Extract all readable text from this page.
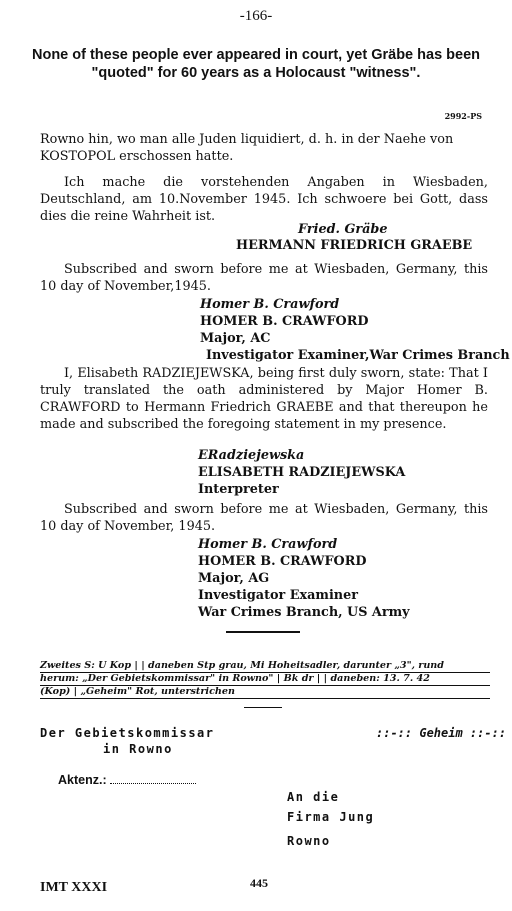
-166-
None of these people ever appeared in court, yet Gräbe has been
"quoted" for 60 years as a Holocaust "witness".
2992-PS
Rowno hin, wo man alle Juden liquidiert, d. h. in der Naehe von
KOSTOPOL erschossen hatte.
Ich mache die vorstehenden Angaben in Wiesbaden, Deutschland, am 10.November 1945. Ich schwoere bei Gott, dass dies die reine Wahrheit ist.
Fried. Gräbe
HERMANN FRIEDRICH GRAEBE
Subscribed and sworn before me at Wiesbaden, Germany, this 10 day of November,1945.
Homer B. Crawford
HOMER B. CRAWFORD
Major, AC
Investigator Examiner,War Crimes Branch
I, Elisabeth RADZIEJEWSKA, being first duly sworn, state: That I truly translated the oath administered by Major Homer B. CRAWFORD to Hermann Friedrich GRAEBE and that thereupon he made and subscribed the foregoing statement in my presence.
ERadziejewska
ELISABETH RADZIEJEWSKA
Interpreter
Subscribed and sworn before me at Wiesbaden, Germany, this 10 day of November, 1945.
Homer B. Crawford
HOMER B. CRAWFORD
Major, AG
Investigator Examiner
War Crimes Branch, US Army
Zweites S: U Kop | | daneben Stp grau, Mi Hoheitsadler, darunter „3", rund
herum: „Der Gebietskommissar" in Rowno" | Bk dr | | daneben: 13. 7. 42
(Kop) | „Geheim" Rot, unterstrichen
Der Gebietskommissar
in Rowno
::-:: Geheim ::-::
Aktenz.:
An die
Firma Jung
Rowno
IMT XXXI	445
